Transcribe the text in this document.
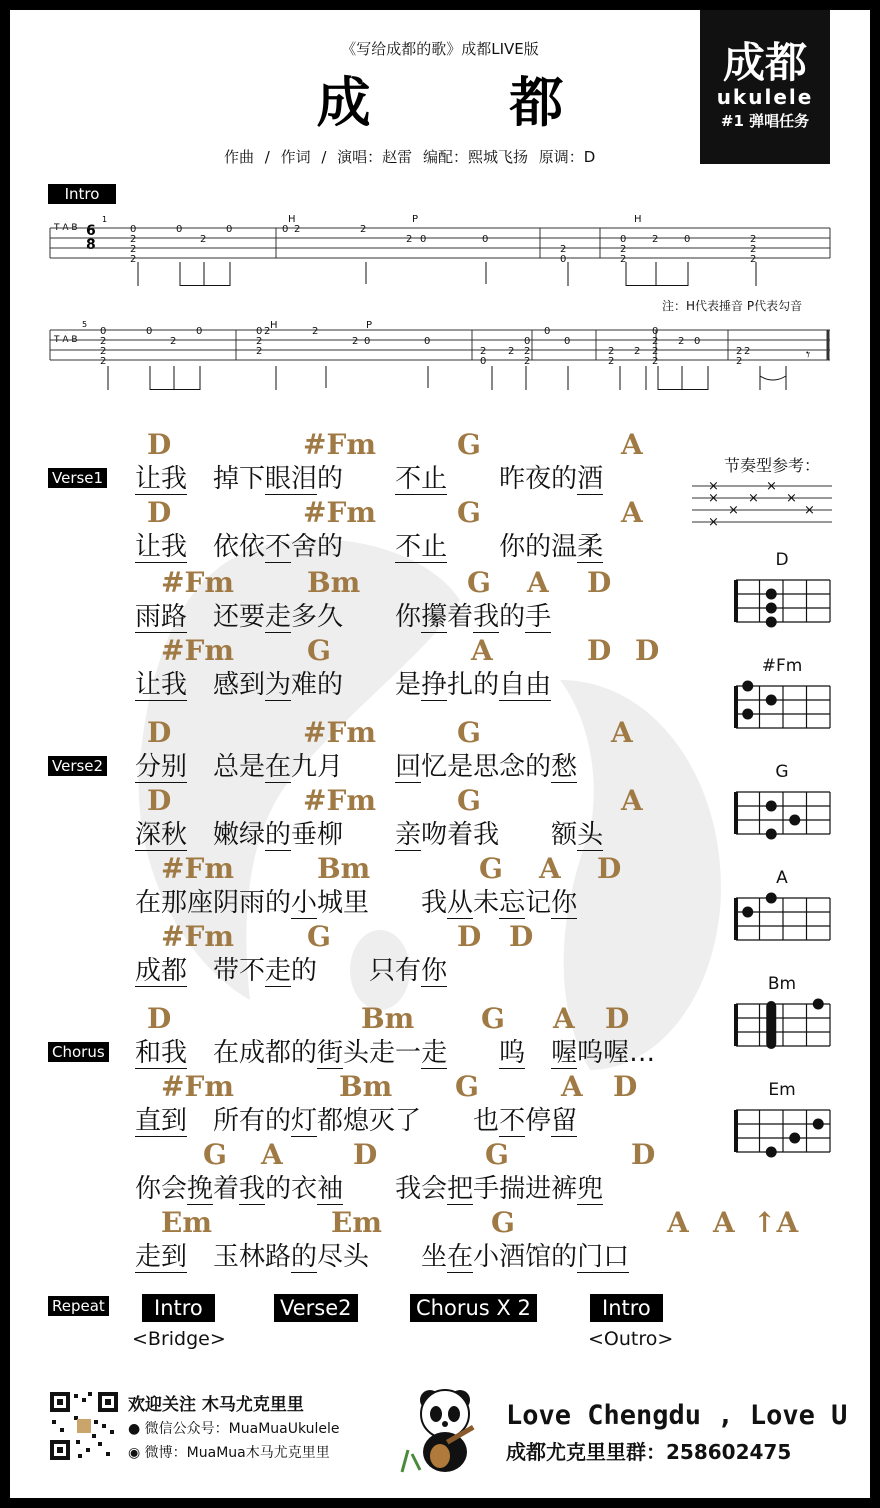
《写给成都的歌》成都LIVE版
成 都
作曲 / 作词 / 演唱：赵雷 编配：熙城飞扬 原调：D
成都
ukulele
#1 弹唱任务
Intro
T A B
1
6 8
0
2
2
2
0
2
0	0 2	2
2 0	0
2
0
0
2
2
2	0	2
2
2
H	P	H
注：H代表捶音 P代表勾音
T A B
5
0
2
2
2
0
2
0	0
2
2
2	2
2 0	0
2
0
2
0
2
2
0
0
2
2
2
0
2
2
2
2 0
2
2
2
H	P
𝄾
Verse1
D	#Fm	G	A
让我　掉下眼泪的　　不止　　昨夜的酒
D	#Fm	G	A
让我　依依不舍的　　不止　　你的温柔
#Fm	Bm	G A D
雨路　还要走多久　　你攥着我的手
#Fm	G	A	D D
让我　感到为难的　　是挣扎的自由
Verse2
D	#Fm	G	A
分别　总是在九月　　回忆是思念的愁
D	#Fm	G	A
深秋　嫩绿的垂柳　　亲吻着我　　额头
#Fm	Bm	G A D
在那座阴雨的小城里　　我从未忘记你
#Fm	G	D D
成都　带不走的　　只有你
Chorus
D	Bm G A D
和我　在成都的街头走一走　　 呜　 喔呜喔…
#Fm	Bm G	A D
直到　所有的灯都熄灭了　　也不停留
G A	D	G	D
你会挽着我的衣袖　　我会把手揣进裤兜
Em	Em	G	A A ↑A
走到　玉林路的尽头　　坐在小酒馆的门口
节奏型参考：
×
×
×
×
×
×
×
×
D
#Fm
G
A
Bm
Em
Repeat	Intro
<Bridge>
Verse2	Chorus X 2	Intro
<Outro>
欢迎关注 木马尤克里里
● 微信公众号：MuaMuaUkulele
◉ 微博：MuaMua木马尤克里里
Love Chengdu , Love U
成都尤克里里群：258602475
